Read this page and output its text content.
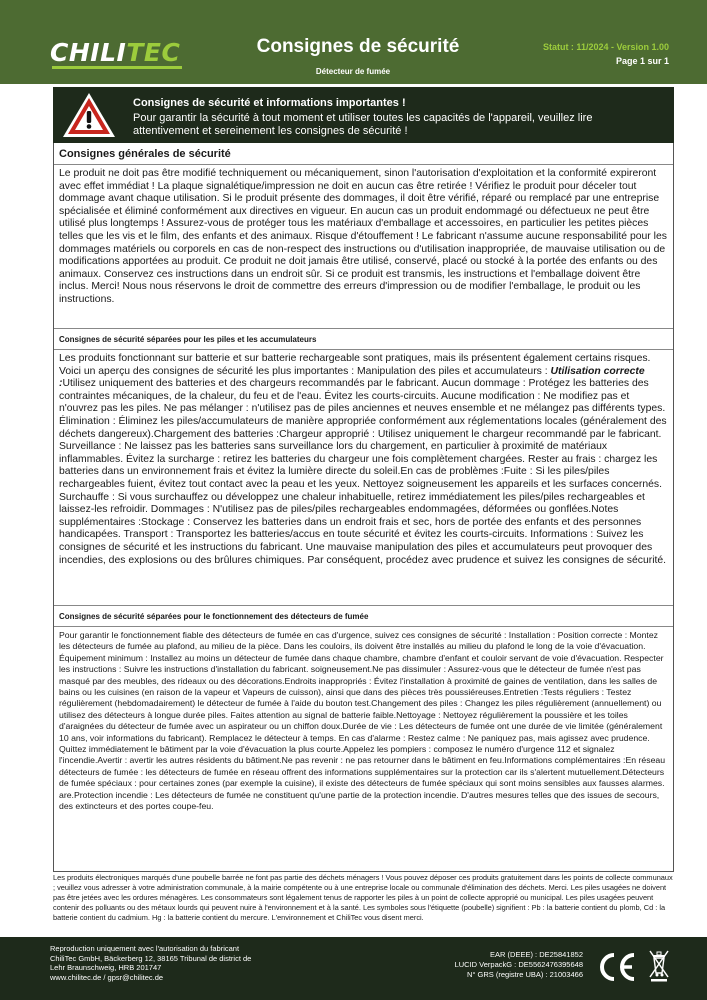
CHILITEC	Consignes de sécurité
Détecteur de fumée
Statut : 11/2024 - Version 1.00
Page 1 sur 1
Consignes de sécurité et informations importantes !
Pour garantir la sécurité à tout moment et utiliser toutes les capacités de l'appareil, veuillez lire attentivement et sereinement les consignes de sécurité !
Consignes générales de sécurité
Le produit ne doit pas être modifié techniquement ou mécaniquement, sinon l'autorisation d'exploitation et la conformité expireront avec effet immédiat ! La plaque signalétique/impression ne doit en aucun cas être retirée ! Vérifiez le produit pour déceler tout dommage avant chaque utilisation. Si le produit présente des dommages, il doit être vérifié, réparé ou remplacé par une entreprise spécialisée et éliminé conformément aux directives en vigueur. En aucun cas un produit endommagé ou défectueux ne peut être utilisé plus longtemps ! Assurez-vous de protéger tous les matériaux d'emballage et accessoires, en particulier les petites pièces telles que les vis et le film, des enfants et des animaux. Risque d'étouffement ! Le fabricant n'assume aucune responsabilité pour les dommages matériels ou corporels en cas de non-respect des instructions ou d'utilisation inappropriée, de mauvaise utilisation ou de modifications apportées au produit. Ce produit ne doit jamais être utilisé, conservé, placé ou stocké à la portée des enfants ou des animaux. Conservez ces instructions dans un endroit sûr. Si ce produit est transmis, les instructions et l'emballage doivent être inclus. Merci! Nous nous réservons le droit de commettre des erreurs d'impression ou de modifier l'emballage, le produit ou les instructions.
Consignes de sécurité séparées pour les piles et les accumulateurs
Les produits fonctionnant sur batterie et sur batterie rechargeable sont pratiques, mais ils présentent également certains risques. Voici un aperçu des consignes de sécurité les plus importantes : Manipulation des piles et accumulateurs : Utilisation correcte :Utilisez uniquement des batteries et des chargeurs recommandés par le fabricant. Aucun dommage : Protégez les batteries des contraintes mécaniques, de la chaleur, du feu et de l'eau. Évitez les courts-circuits. Aucune modification : Ne modifiez pas et n'ouvrez pas les piles. Ne pas mélanger : n'utilisez pas de piles anciennes et neuves ensemble et ne mélangez pas différents types. Élimination : Éliminez les piles/accumulateurs de manière appropriée conformément aux réglementations locales (généralement des déchets dangereux).Chargement des batteries :Chargeur approprié : Utilisez uniquement le chargeur recommandé par le fabricant. Surveillance : Ne laissez pas les batteries sans surveillance lors du chargement, en particulier à proximité de matériaux inflammables. Évitez la surcharge : retirez les batteries du chargeur une fois complètement chargées. Rester au frais : chargez les batteries dans un environnement frais et évitez la lumière directe du soleil.En cas de problèmes :Fuite : Si les piles/piles rechargeables fuient, évitez tout contact avec la peau et les yeux. Nettoyez soigneusement les appareils et les surfaces concernés. Surchauffe : Si vous surchauffez ou développez une chaleur inhabituelle, retirez immédiatement les piles/piles rechargeables et laissez-les refroidir. Dommages : N'utilisez pas de piles/piles rechargeables endommagées, déformées ou gonflées.Notes supplémentaires :Stockage : Conservez les batteries dans un endroit frais et sec, hors de portée des enfants et des personnes handicapées. Transport : Transportez les batteries/accus en toute sécurité et évitez les courts-circuits. Informations : Suivez les consignes de sécurité et les instructions du fabricant. Une mauvaise manipulation des piles et accumulateurs peut provoquer des incendies, des explosions ou des brûlures chimiques. Par conséquent, procédez avec prudence et suivez les consignes de sécurité.
Consignes de sécurité séparées pour le fonctionnement des détecteurs de fumée
Pour garantir le fonctionnement fiable des détecteurs de fumée en cas d'urgence, suivez ces consignes de sécurité : Installation : Position correcte : Montez les détecteurs de fumée au plafond, au milieu de la pièce. Dans les couloirs, ils doivent être installés au milieu du plafond le long de la voie d'évacuation. Équipement minimum : Installez au moins un détecteur de fumée dans chaque chambre, chambre d'enfant et couloir servant de voie d'évacuation. Respecter les instructions : Suivre les instructions d'installation du fabricant. soigneusement.Ne pas dissimuler : Assurez-vous que le détecteur de fumée n'est pas masqué par des meubles, des rideaux ou des décorations.Endroits inappropriés : Évitez l'installation à proximité de gaines de ventilation, dans les salles de bains ou les cuisines (en raison de la vapeur et Vapeurs de cuisson), ainsi que dans des pièces très poussiéreuses.Entretien :Tests réguliers : Testez régulièrement (hebdomadairement) le détecteur de fumée à l'aide du bouton test.Changement des piles : Changez les piles régulièrement (annuellement) ou utilisez des détecteurs à longue durée piles. Faites attention au signal de batterie faible.Nettoyage : Nettoyez régulièrement la poussière et les toiles d'araignées du détecteur de fumée avec un aspirateur ou un chiffon doux.Durée de vie : Les détecteurs de fumée ont une durée de vie limitée (généralement 10 ans, voir informations du fabricant). Remplacez le détecteur à temps. En cas d'alarme : Restez calme : Ne paniquez pas, mais agissez avec prudence. Quittez immédiatement le bâtiment par la voie d'évacuation la plus courte.Appelez les pompiers : composez le numéro d'urgence 112 et signalez l'incendie.Avertir : avertir les autres résidents du bâtiment.Ne pas revenir : ne pas retourner dans le bâtiment en feu.Informations complémentaires :En réseau détecteurs de fumée : les détecteurs de fumée en réseau offrent des informations supplémentaires sur la protection car ils s'alertent mutuellement.Détecteurs de fumée spéciaux : pour certaines zones (par exemple la cuisine), il existe des détecteurs de fumée spéciaux qui sont moins sensibles aux fausses alarmes. are.Protection incendie : Les détecteurs de fumée ne constituent qu'une partie de la protection incendie. D'autres mesures telles que des issues de secours, des extincteurs et des portes coupe-feu.
Les produits électroniques marqués d'une poubelle barrée ne font pas partie des déchets ménagers ! Vous pouvez déposer ces produits gratuitement dans les points de collecte communaux ; veuillez vous adresser à votre administration communale, à la mairie compétente ou à une entreprise locale ou communale d'élimination des déchets. Merci. Les piles usagées ne doivent pas être jetées avec les ordures ménagères. Les consommateurs sont légalement tenus de rapporter les piles à un point de collecte approprié ou municipal. Les piles usagées peuvent contenir des polluants ou des métaux lourds qui peuvent nuire à l'environnement et à la santé. Les symboles sous l'étiquette (poubelle) signifient : Pb : la batterie contient du plomb, Cd : la batterie contient du cadmium. Hg : la batterie contient du mercure. L'environnement et ChiliTec vous disent merci.
Reproduction uniquement avec l'autorisation du fabricant
ChiliTec GmbH, Bäckerberg 12, 38165 Tribunal de district de
Lehr Braunschweig, HRB 201747
www.chilitec.de / gpsr@chilitec.de
EAR (DEEE) : DE25841852
LUCID VerpackG : DE5562476395648
N° GRS (registre UBA) : 21003466
